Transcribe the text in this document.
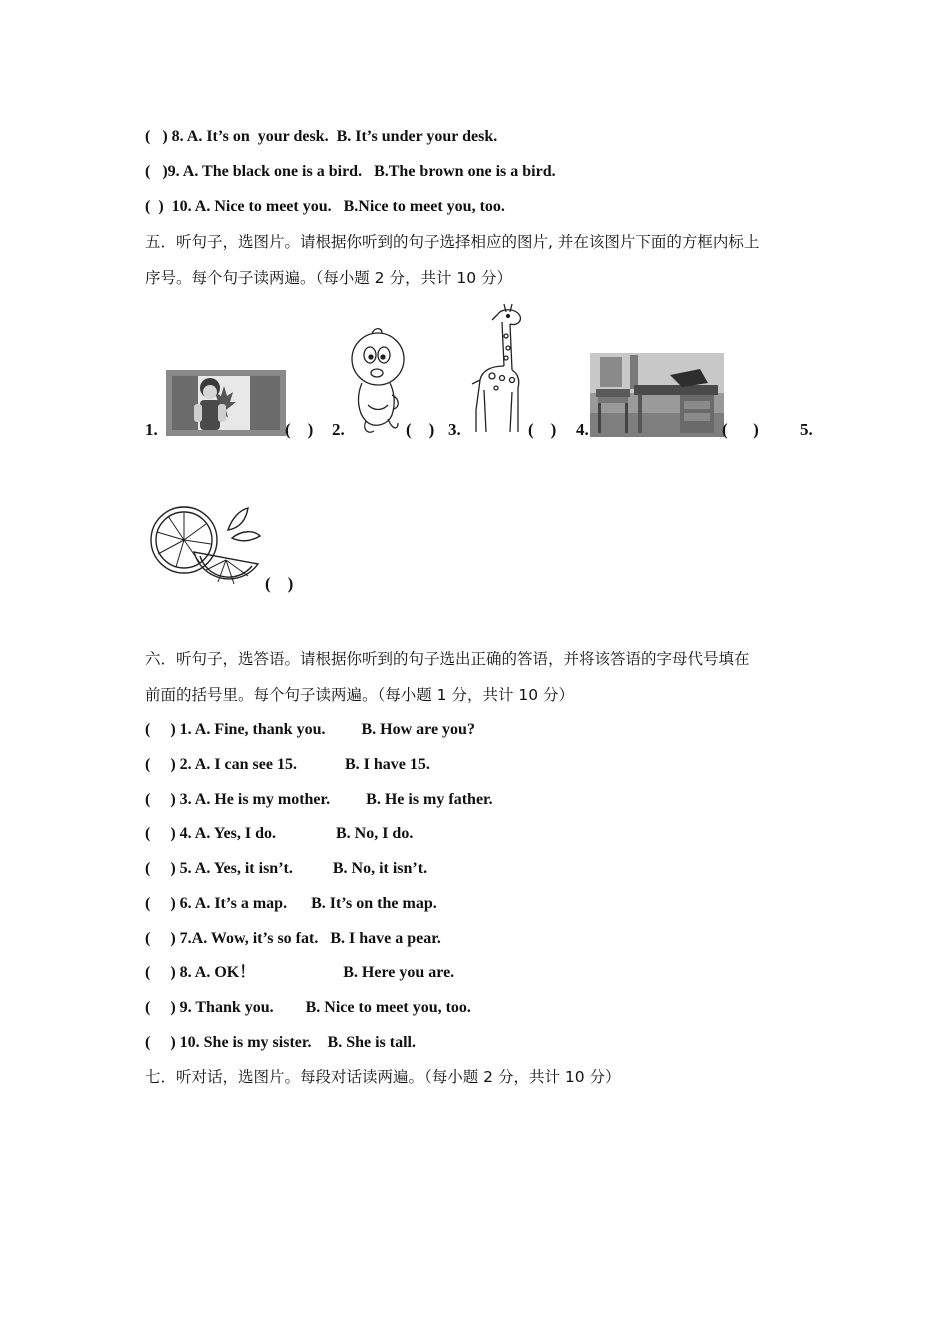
(   ) 8. A. It’s on  your desk.  B. It’s under your desk.
(   )9. A. The black one is a bird.   B.The brown one is a bird.
(  )  10. A. Nice to meet you.   B.Nice to meet you, too.
五．听句子，选图片。请根据你听到的句子选择相应的图片, 并在该图片下面的方框内标上
序号。每个句子读两遍。（每小题 2 分，共计 10 分）
1.	(    ) 2.	(    ) 3.	(    ) 4.	(      ) 5.
(    )
六．听句子，选答语。请根据你听到的句子选出正确的答语，并将该答语的字母代号填在
前面的括号里。每个句子读两遍。（每小题 1 分，共计 10 分）
(     ) 1. A. Fine, thank you.         B. How are you?
(     ) 2. A. I can see 15.            B. I have 15.
(     ) 3. A. He is my mother.         B. He is my father.
(     ) 4. A. Yes, I do.               B. No, I do.
(     ) 5. A. Yes, it isn’t.          B. No, it isn’t.
(     ) 6. A. It’s a map.      B. It’s on the map.
(     ) 7.A. Wow, it’s so fat.   B. I have a pear.
(     ) 8. A. OK！                      B. Here you are.
(     ) 9. Thank you.        B. Nice to meet you, too.
(     ) 10. She is my sister.    B. She is tall.
七．听对话，选图片。每段对话读两遍。（每小题 2 分，共计 10 分）
